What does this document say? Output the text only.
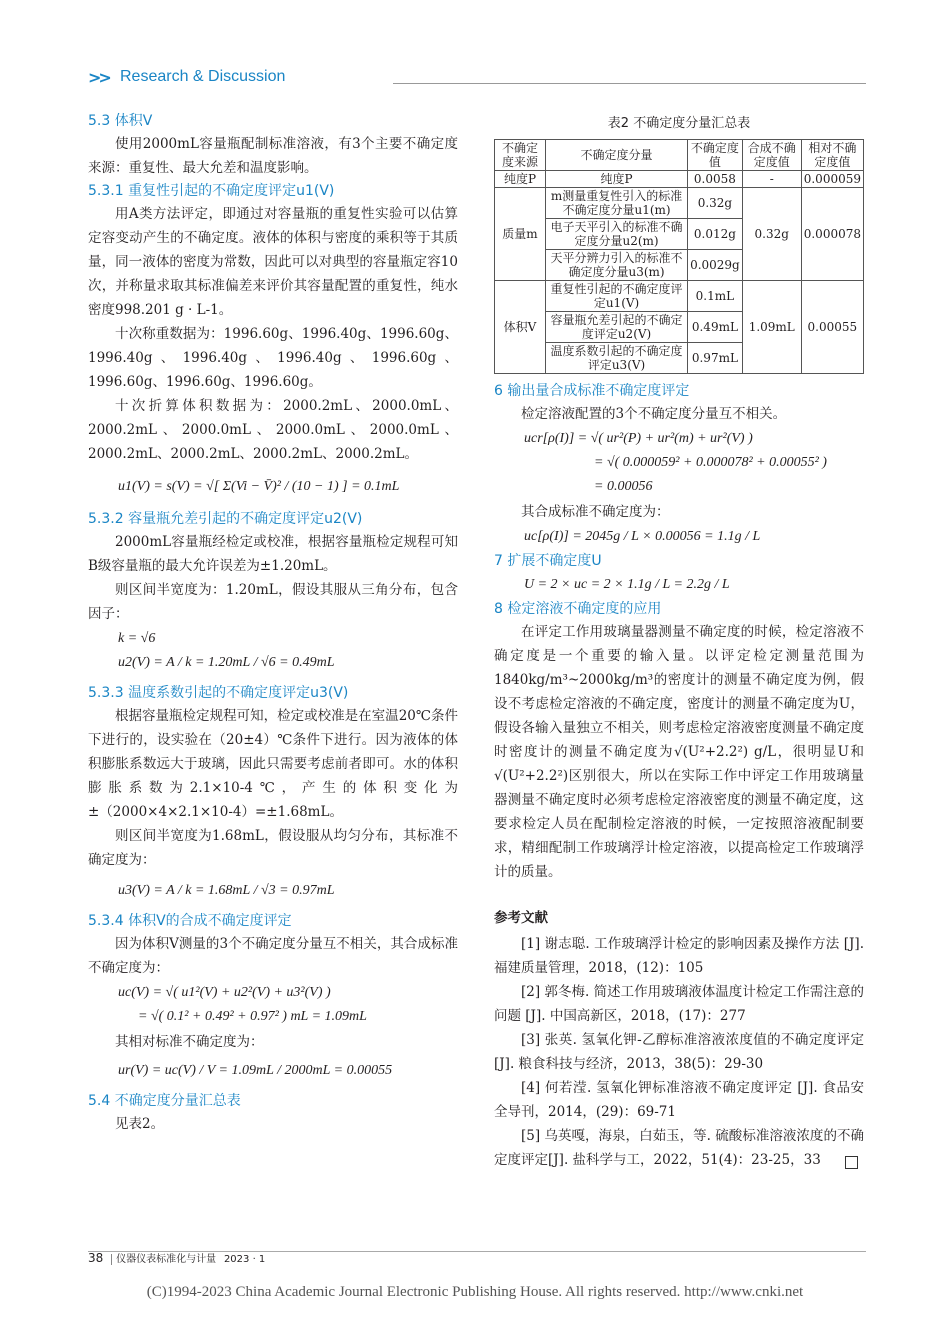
>> Research & Discussion

5.3 体积V

使用2000mL容量瓶配制标准溶液，有3个主要不确定度来源：重复性、最大允差和温度影响。

5.3.1 重复性引起的不确定度评定u1(V)

用A类方法评定，即通过对容量瓶的重复性实验可以估算定容变动产生的不确定度。液体的体积与密度的乘积等于其质量，同一液体的密度为常数，因此可以对典型的容量瓶定容10次，并称量求取其标准偏差来评价其容量配置的重复性，纯水密度998.201 g · L-1。

十次称重数据为：1996.60g、1996.40g、1996.60g、1996.40g、1996.40g、1996.40g、1996.60g、1996.60g、1996.60g、1996.60g。

十次折算体积数据为：2000.2mL、2000.0mL、2000.2mL、2000.0mL、2000.0mL、2000.0mL、2000.2mL、2000.2mL、2000.2mL、2000.2mL。

u1(V) = s(V) = √[ Σ(Vi − V̄)² / (10 − 1) ] = 0.1mL

5.3.2 容量瓶允差引起的不确定度评定u2(V)

2000mL容量瓶经检定或校准，根据容量瓶检定规程可知B级容量瓶的最大允许误差为±1.20mL。

则区间半宽度为：1.20mL，假设其服从三角分布，包含因子：

k = √6
u2(V) = A / k = 1.20mL / √6 = 0.49mL

5.3.3 温度系数引起的不确定度评定u3(V)

根据容量瓶检定规程可知，检定或校准是在室温20℃条件下进行的，设实验在（20±4）℃条件下进行。因为液体的体积膨胀系数远大于玻璃，因此只需要考虑前者即可。水的体积膨胀系数为2.1×10-4℃，产生的体积变化为±（2000×4×2.1×10-4）=±1.68mL。

则区间半宽度为1.68mL，假设服从均匀分布，其标准不确定度为：

u3(V) = A / k = 1.68mL / √3 = 0.97mL

5.3.4 体积V的合成不确定度评定

因为体积V测量的3个不确定度分量互不相关，其合成标准不确定度为：

uc(V) = √( u1²(V) + u2²(V) + u3²(V) )
= √( 0.1² + 0.49² + 0.97² ) mL = 1.09mL

其相对标准不确定度为：

ur(V) = uc(V) / V = 1.09mL / 2000mL = 0.00055

5.4 不确定度分量汇总表

见表2。

表2 不确定度分量汇总表

不确定度来源	不确定度分量	不确定度值	合成不确定度值	相对不确定度值
纯度P	纯度P	0.0058	-	0.000059
质量m	m测量重复性引入的标准不确定度分量u1(m)	0.32g	0.32g	0.000078
	电子天平引入的标准不确定度分量u2(m)	0.012g		
	天平分辨力引入的标准不确定度分量u3(m)	0.0029g		
体积V	重复性引起的不确定度评定u1(V)	0.1mL	1.09mL	0.00055
	容量瓶允差引起的不确定度评定u2(V)	0.49mL		
	温度系数引起的不确定度评定u3(V)	0.97mL		

6 输出量合成标准不确定度评定

检定溶液配置的3个不确定度分量互不相关。

ucr[ρ(I)] = √( ur²(P) + ur²(m) + ur²(V) )
= √( 0.000059² + 0.000078² + 0.00055² )
= 0.00056

其合成标准不确定度为：

uc[ρ(I)] = 2045g / L × 0.00056 = 1.1g / L

7 扩展不确定度U

U = 2 × uc = 2 × 1.1g / L = 2.2g / L

8 检定溶液不确定度的应用

在评定工作用玻璃量器测量不确定度的时候，检定溶液不确定度是一个重要的输入量。以评定检定测量范围为1840kg/m³~2000kg/m³的密度计的测量不确定度为例，假设不考虑检定溶液的不确定度，密度计的测量不确定度为U，假设各输入量独立不相关，则考虑检定溶液密度测量不确定度时密度计的测量不确定度为√(U²+2.2²) g/L，很明显U和√(U²+2.2²)区别很大，所以在实际工作中评定工作用玻璃量器测量不确定度时必须考虑检定溶液密度的测量不确定度，这要求检定人员在配制检定溶液的时候，一定按照溶液配制要求，精细配制工作玻璃浮计检定溶液，以提高检定工作玻璃浮计的质量。

参考文献

[1] 谢志聪. 工作玻璃浮计检定的影响因素及操作方法 [J]. 福建质量管理，2018，(12)：105

[2] 郭冬梅. 简述工作用玻璃液体温度计检定工作需注意的问题 [J]. 中国高新区，2018，(17)：277

[3] 张英. 氢氧化钾-乙醇标准溶液浓度值的不确定度评定[J]. 粮食科技与经济，2013，38(5)：29-30

[4] 何若滢. 氢氧化钾标准溶液不确定度评定 [J]. 食品安全导刊，2014，(29)：69-71

[5] 乌英嘎，海泉，白茹玉，等. 硫酸标准溶液浓度的不确定度评定[J]. 盐科学与工，2022，51(4)：23-25，33

38 仪器仪表标准化与计量 2023 · 1
(C)1994-2023 China Academic Journal Electronic Publishing House. All rights reserved. http://www.cnki.net
